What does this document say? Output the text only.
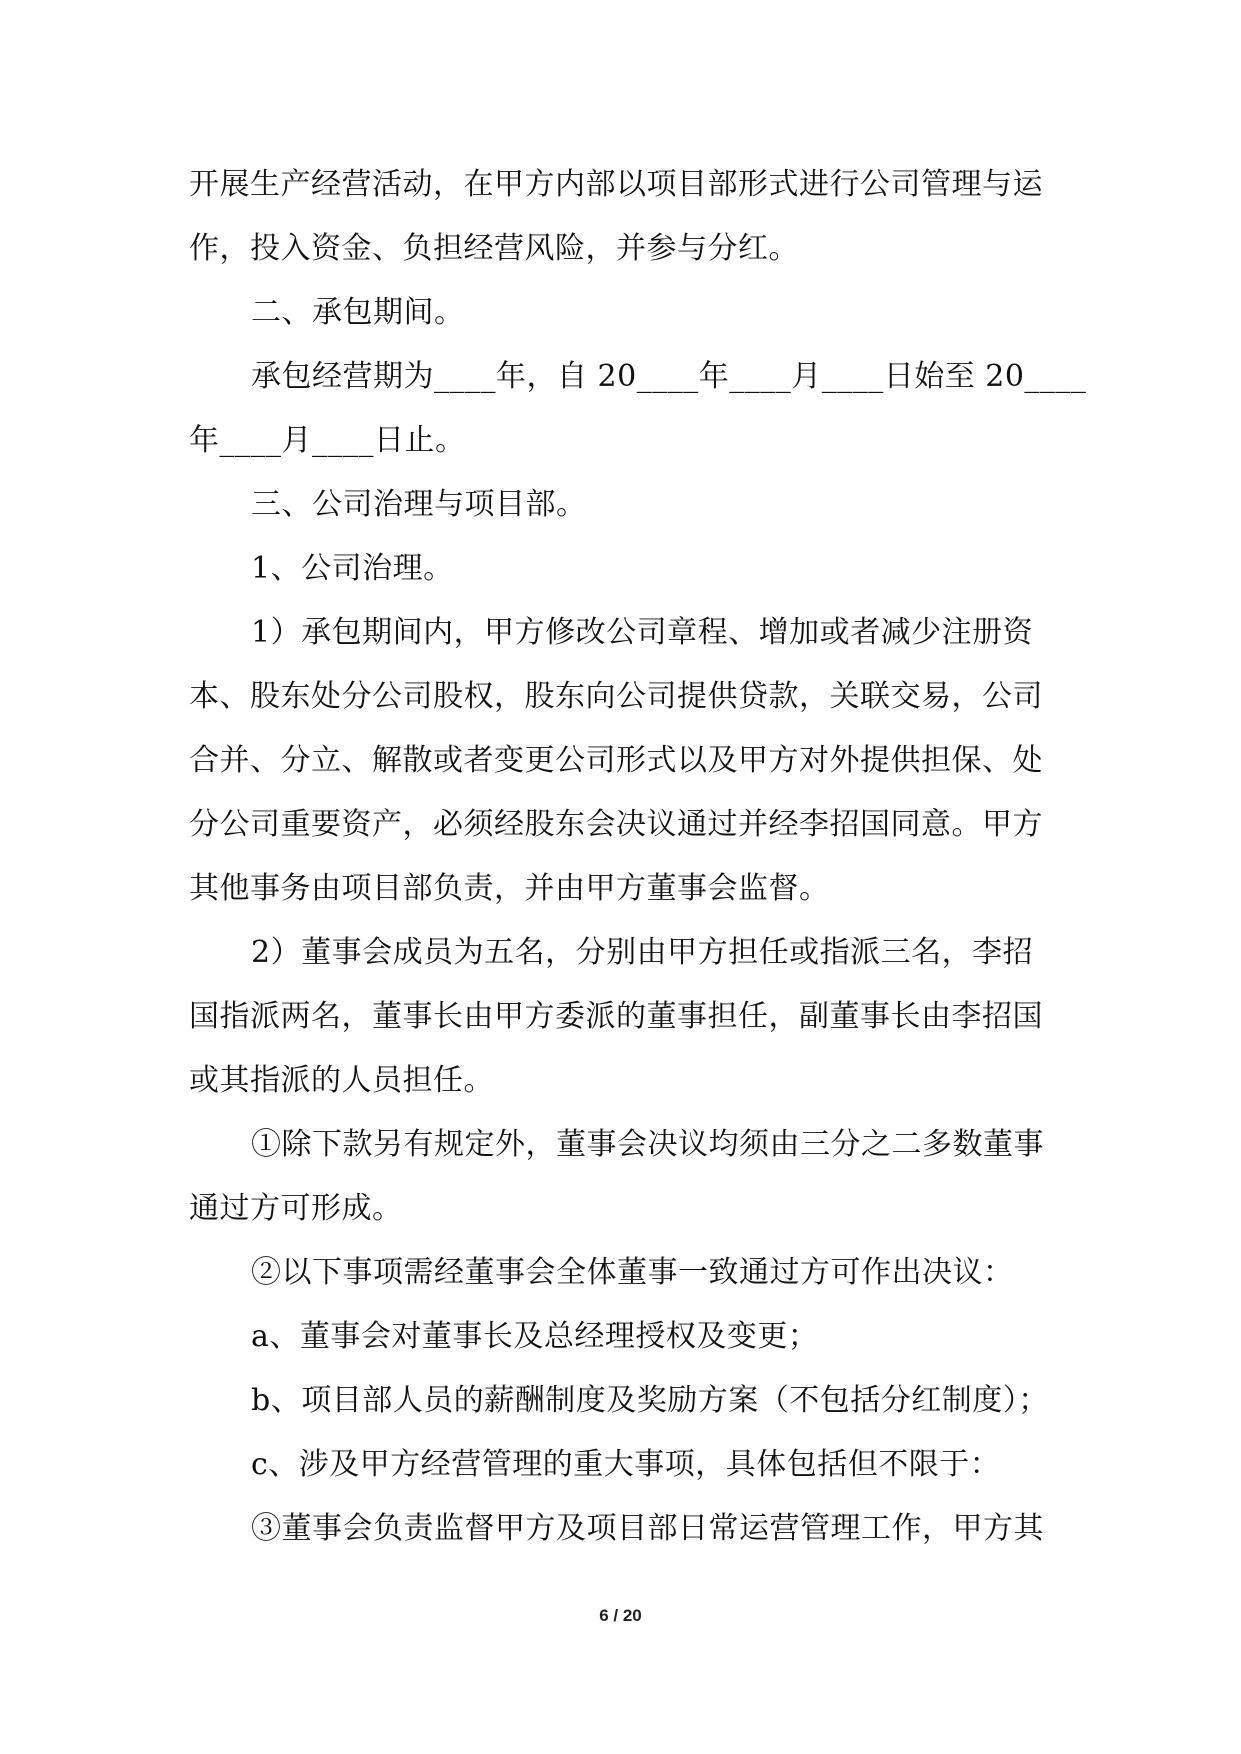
开展生产经营活动，在甲方内部以项目部形式进行公司管理与运
作，投入资金、负担经营风险，并参与分红。
二、承包期间。
承包经营期为____年，自 20____年____月____日始至 20____
年____月____日止。
三、公司治理与项目部。
1、公司治理。
1）承包期间内，甲方修改公司章程、增加或者减少注册资
本、股东处分公司股权，股东向公司提供贷款，关联交易，公司
合并、分立、解散或者变更公司形式以及甲方对外提供担保、处
分公司重要资产，必须经股东会决议通过并经李招国同意。甲方
其他事务由项目部负责，并由甲方董事会监督。
2）董事会成员为五名，分别由甲方担任或指派三名，李招
国指派两名，董事长由甲方委派的董事担任，副董事长由李招国
或其指派的人员担任。
①除下款另有规定外，董事会决议均须由三分之二多数董事
通过方可形成。
②以下事项需经董事会全体董事一致通过方可作出决议：
a、董事会对董事长及总经理授权及变更；
b、项目部人员的薪酬制度及奖励方案（不包括分红制度）；
c、涉及甲方经营管理的重大事项，具体包括但不限于：
③董事会负责监督甲方及项目部日常运营管理工作，甲方其
6 / 20
